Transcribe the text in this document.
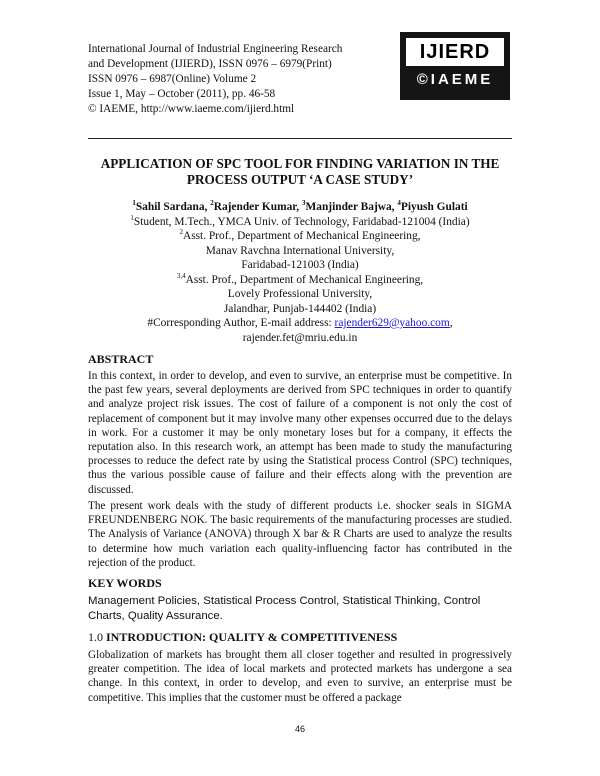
International Journal of Industrial Engineering Research
and Development (IJIERD), ISSN 0976 – 6979(Print)
ISSN 0976 – 6987(Online) Volume 2
Issue 1, May – October (2011), pp. 46-58
© IAEME, http://www.iaeme.com/ijierd.html
IJIERD
©IAEME
APPLICATION OF SPC TOOL FOR FINDING VARIATION IN THE PROCESS OUTPUT ‘A CASE STUDY’
$^1$Sahil Sardana, $^2$Rajender Kumar, $^3$Manjinder Bajwa, $^4$Piyush Gulati
$^1$Student, M.Tech., YMCA Univ. of Technology, Faridabad-121004 (India)
$^2$Asst. Prof., Department of Mechanical Engineering,
Manav Ravchna International University,
Faridabad-121003 (India)
$^{3,4}$Asst. Prof., Department of Mechanical Engineering,
Lovely Professional University,
Jalandhar, Punjab-144402 (India)
#Corresponding Author, E-mail address: rajender629@yahoo.com,
rajender.fet@mriu.edu.in
ABSTRACT
In this context, in order to develop, and even to survive, an enterprise must be competitive. In the past few years, several deployments are derived from SPC techniques in order to quantify and analyze project risk issues. The cost of failure of a component is not only the cost of replacement of component but it may involve many other expenses occurred due to the delays in work. For a customer it may be only monetary loses but for a company, it effects the reputation also. In this research work, an attempt has been made to study the manufacturing processes to reduce the defect rate by using the Statistical process Control (SPC) techniques, thus the various possible cause of failure and their effects along with the prevention are discussed.
The present work deals with the study of different products i.e. shocker seals in SIGMA FREUNDENBERG NOK. The basic requirements of the manufacturing processes are studied. The Analysis of Variance (ANOVA) through X bar & R Charts are used to analyze the results to determine how much variation each quality-influencing factor has contributed in the rejection of the product.
KEY WORDS
Management Policies, Statistical Process Control, Statistical Thinking, Control Charts, Quality Assurance.
1.0 INTRODUCTION: QUALITY & COMPETITIVENESS
Globalization of markets has brought them all closer together and resulted in progressively greater competition. The idea of local markets and protected markets has undergone a sea change. In this context, in order to develop, and even to survive, an enterprise must be competitive. This implies that the customer must be offered a package
46
